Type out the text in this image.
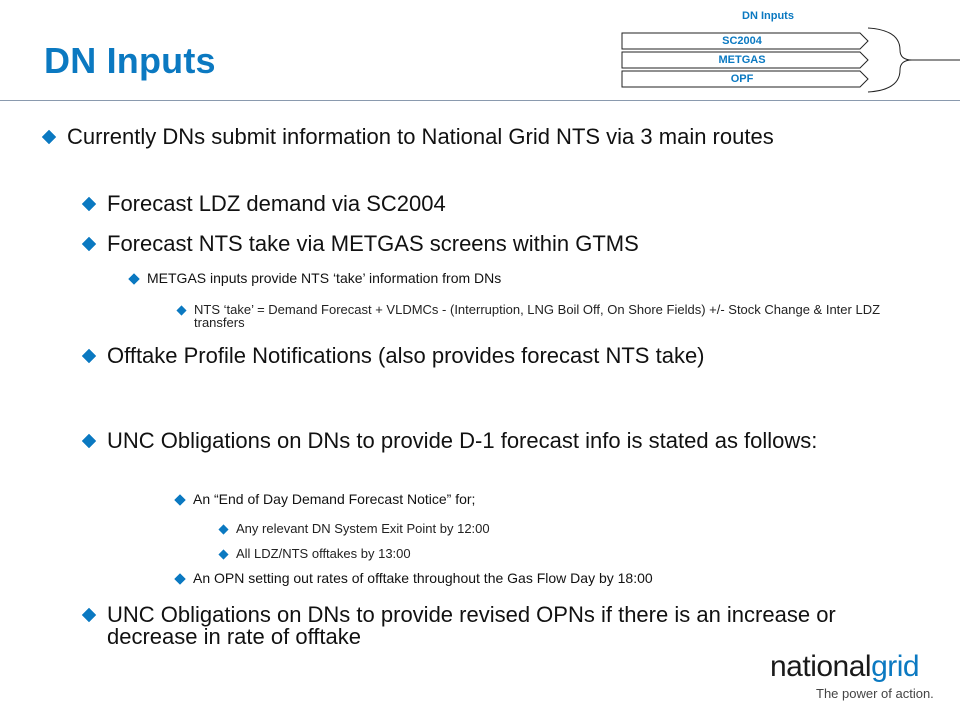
DN Inputs
DN Inputs
SC2004
METGAS
OPF
Currently DNs submit information to National Grid NTS via 3 main routes
Forecast LDZ demand via SC2004
Forecast NTS take via METGAS screens within GTMS
METGAS inputs provide NTS ‘take’ information from DNs
NTS ‘take’ = Demand Forecast + VLDMCs - (Interruption, LNG Boil Off, On Shore Fields) +/- Stock Change & Inter LDZ transfers
Offtake Profile Notifications (also provides forecast NTS take)
UNC Obligations on DNs to provide D-1 forecast info is stated as follows:
An “End of Day Demand Forecast Notice” for;
Any relevant DN System Exit Point by 12:00
All LDZ/NTS offtakes by 13:00
An OPN setting out rates of offtake throughout the Gas Flow Day by 18:00
UNC Obligations on DNs to provide revised OPNs if there is an increase or decrease in rate of offtake
nationalgrid
The power of action.
